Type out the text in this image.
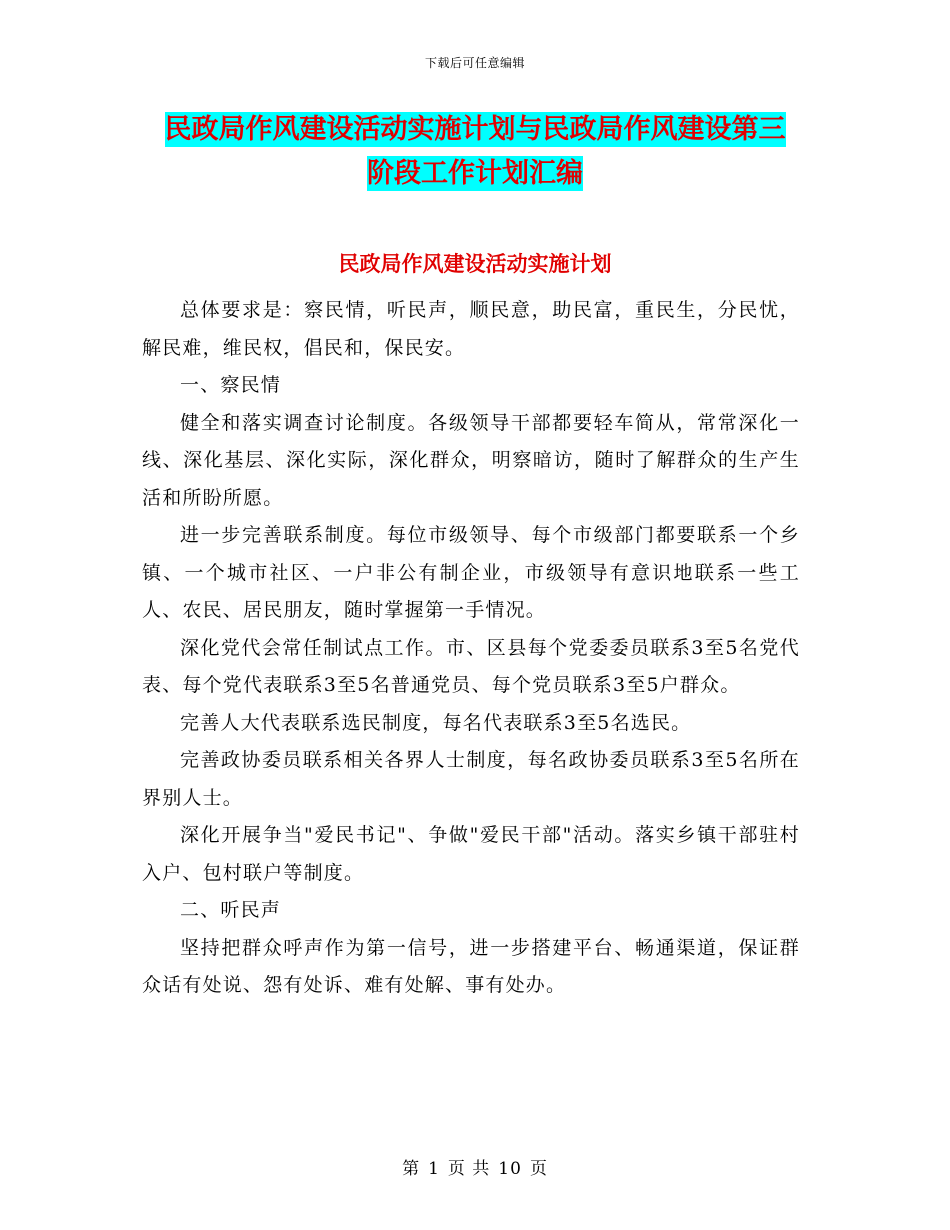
下载后可任意编辑
民政局作风建设活动实施计划与民政局作风建设第三
阶段工作计划汇编
民政局作风建设活动实施计划

总体要求是：察民情，听民声，顺民意，助民富，重民生，分民忧，解民难，维民权，倡民和，保民安。

一、察民情

健全和落实调查讨论制度。各级领导干部都要轻车简从，常常深化一线、深化基层、深化实际，深化群众，明察暗访，随时了解群众的生产生活和所盼所愿。

进一步完善联系制度。每位市级领导、每个市级部门都要联系一个乡镇、一个城市社区、一户非公有制企业，市级领导有意识地联系一些工人、农民、居民朋友，随时掌握第一手情况。

深化党代会常任制试点工作。市、区县每个党委委员联系3至5名党代表、每个党代表联系3至5名普通党员、每个党员联系3至5户群众。

完善人大代表联系选民制度，每名代表联系3至5名选民。

完善政协委员联系相关各界人士制度，每名政协委员联系3至5名所在界别人士。

深化开展争当"爱民书记"、争做"爱民干部"活动。落实乡镇干部驻村入户、包村联户等制度。

二、听民声

坚持把群众呼声作为第一信号，进一步搭建平台、畅通渠道，保证群众话有处说、怨有处诉、难有处解、事有处办。

第 1 页 共 10 页
